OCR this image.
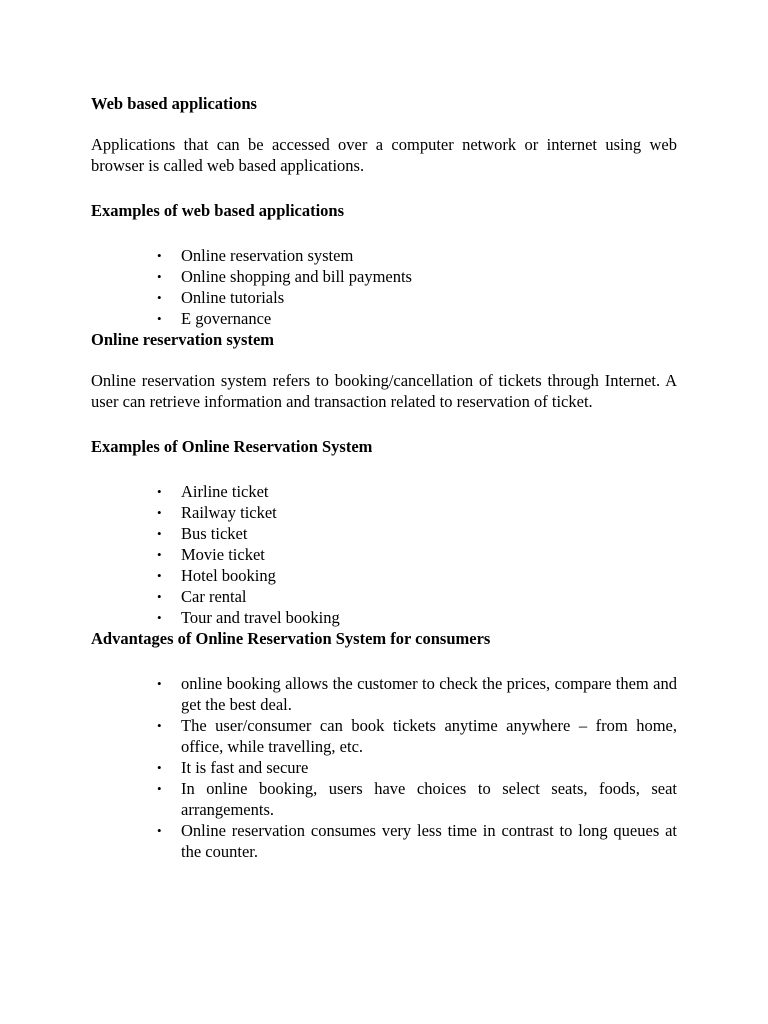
Web based applications

Applications that can be accessed over a computer network or internet using web browser is called web based applications.

Examples of web based applications

• Online reservation system
• Online shopping and bill payments
• Online tutorials
• E governance

Online reservation system

Online reservation system refers to booking/cancellation of tickets through Internet. A user can retrieve information and transaction related to reservation of ticket.

Examples of Online Reservation System

• Airline ticket
• Railway ticket
• Bus ticket
• Movie ticket
• Hotel booking
• Car rental
• Tour and travel booking

Advantages of Online Reservation System for consumers

• online booking allows the customer to check the prices, compare them and get the best deal.
• The user/consumer can book tickets anytime anywhere – from home, office, while travelling, etc.
• It is fast and secure
• In online booking, users have choices to select seats, foods, seat arrangements.
• Online reservation consumes very less time in contrast to long queues at the counter.
